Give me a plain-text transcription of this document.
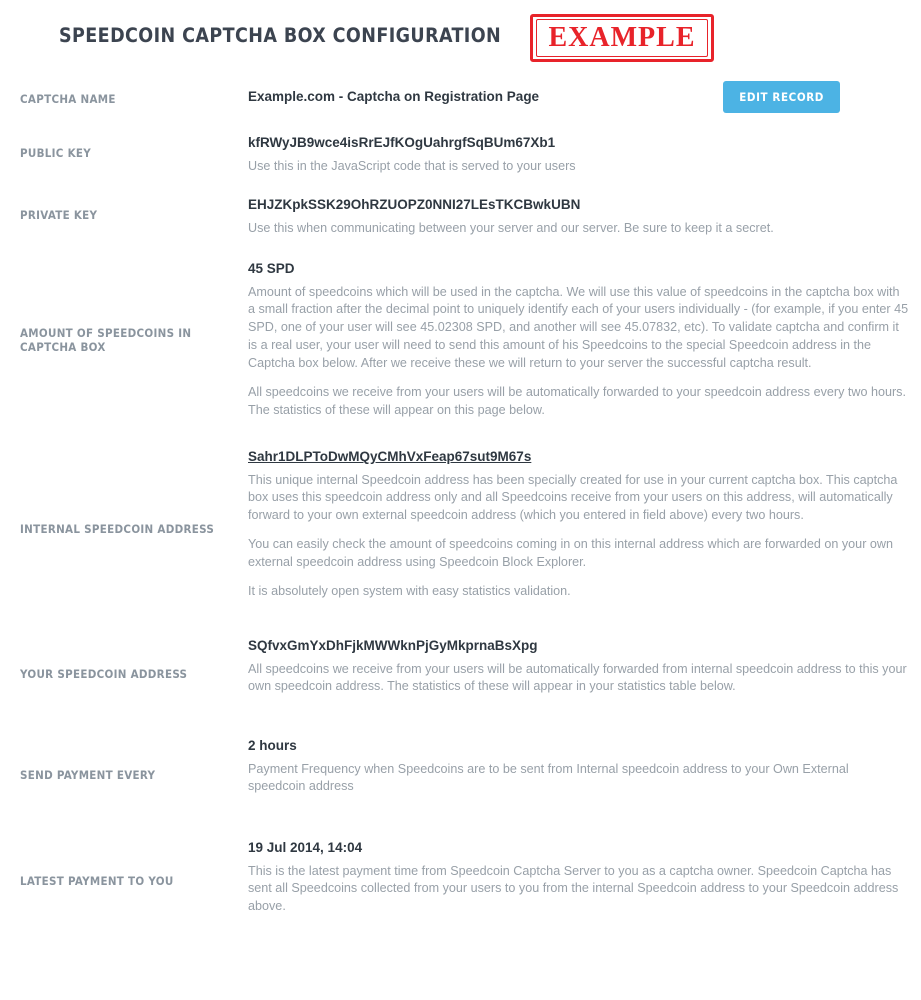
SPEEDCOIN CAPTCHA BOX CONFIGURATION EXAMPLE
EDIT RECORD
CAPTCHA NAME	Example.com - Captcha on Registration Page
PUBLIC KEY
kfRWyJB9wce4isRrEJfKOgUahrgfSqBUm67Xb1
Use this in the JavaScript code that is served to your users
PRIVATE KEY
EHJZKpkSSK29OhRZUOPZ0NNI27LEsTKCBwkUBN
Use this when communicating between your server and our server. Be sure to keep it a secret.
AMOUNT OF SPEEDCOINS IN CAPTCHA BOX
45 SPD
Amount of speedcoins which will be used in the captcha. We will use this value of speedcoins in the captcha box with a small fraction after the decimal point to uniquely identify each of your users individually - (for example, if you enter 45 SPD, one of your user will see 45.02308 SPD, and another will see 45.07832, etc). To validate captcha and confirm it is a real user, your user will need to send this amount of his Speedcoins to the special Speedcoin address in the Captcha box below. After we receive these we will return to your server the successful captcha result.
All speedcoins we receive from your users will be automatically forwarded to your speedcoin address every two hours. The statistics of these will appear on this page below.
INTERNAL SPEEDCOIN ADDRESS
Sahr1DLPToDwMQyCMhVxFeap67sut9M67s
This unique internal Speedcoin address has been specially created for use in your current captcha box. This captcha box uses this speedcoin address only and all Speedcoins receive from your users on this address, will automatically forward to your own external speedcoin address (which you entered in field above) every two hours.
You can easily check the amount of speedcoins coming in on this internal address which are forwarded on your own external speedcoin address using Speedcoin Block Explorer.
It is absolutely open system with easy statistics validation.
YOUR SPEEDCOIN ADDRESS
SQfvxGmYxDhFjkMWWknPjGyMkprnaBsXpg
All speedcoins we receive from your users will be automatically forwarded from internal speedcoin address to this your own speedcoin address. The statistics of these will appear in your statistics table below.
SEND PAYMENT EVERY
2 hours
Payment Frequency when Speedcoins are to be sent from Internal speedcoin address to your Own External speedcoin address
LATEST PAYMENT TO YOU
19 Jul 2014, 14:04
This is the latest payment time from Speedcoin Captcha Server to you as a captcha owner. Speedcoin Captcha has sent all Speedcoins collected from your users to you from the internal Speedcoin address to your Speedcoin address above.
